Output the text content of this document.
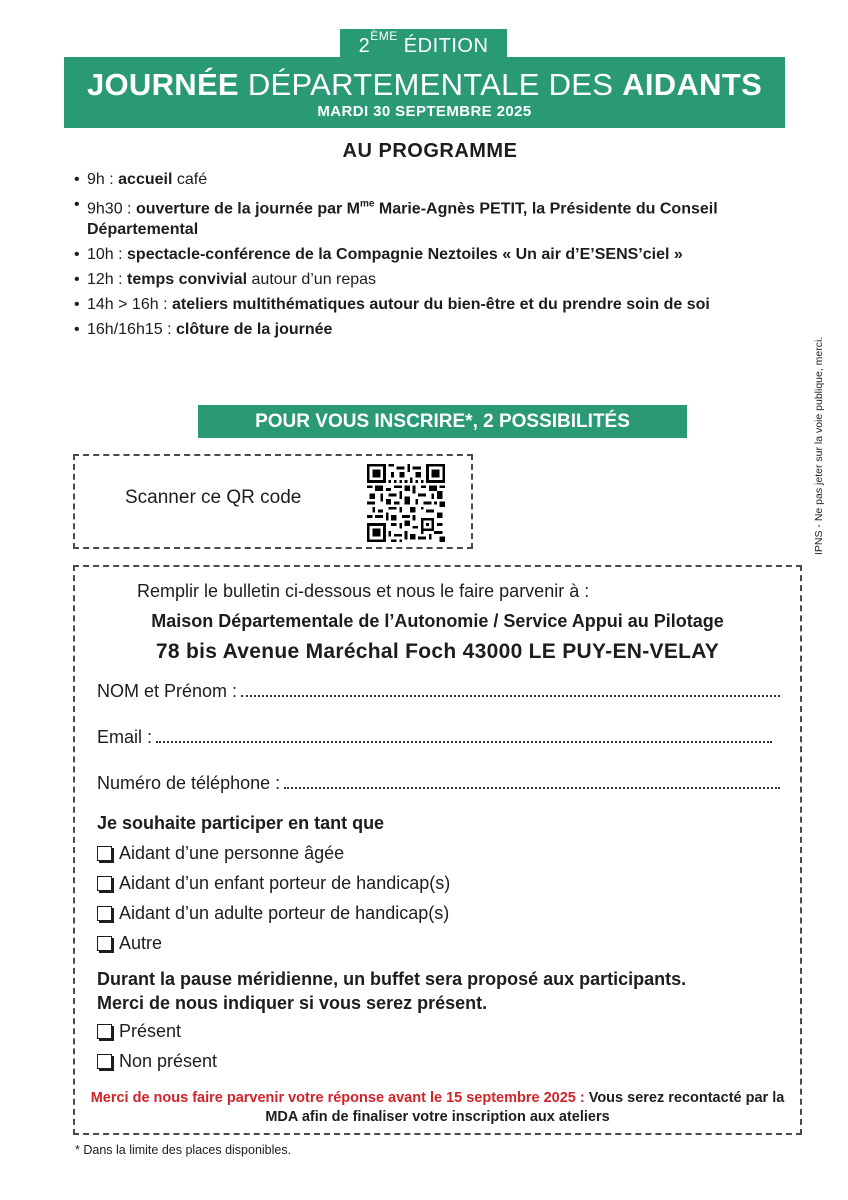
2ÈME ÉDITION
JOURNÉE DÉPARTEMENTALE DES AIDANTS
MARDI 30 SEPTEMBRE 2025
AU PROGRAMME
• 9h : accueil café
• 9h30 : ouverture de la journée par $M^{me}$ Marie-Agnès PETIT, la Présidente du Conseil Départemental
• 10h : spectacle-conférence de la Compagnie Neztoiles « Un air d’E’SENS’ciel »
• 12h : temps convivial autour d’un repas
• 14h > 16h : ateliers multithématiques autour du bien-être et du prendre soin de soi
• 16h/16h15 : clôture de la journée
POUR VOUS INSCRIRE*, 2 POSSIBILITÉS
Scanner ce QR code
Remplir le bulletin ci-dessous et nous le faire parvenir à :
Maison Départementale de l’Autonomie / Service Appui au Pilotage
78 bis Avenue Maréchal Foch 43000 LE PUY-EN-VELAY
NOM et Prénom :
Email :
Numéro de téléphone :
Je souhaite participer en tant que
Aidant d’une personne âgée
Aidant d’un enfant porteur de handicap(s)
Aidant d’un adulte porteur de handicap(s)
Autre
Durant la pause méridienne, un buffet sera proposé aux participants.
Merci de nous indiquer si vous serez présent.
Présent
Non présent
Merci de nous faire parvenir votre réponse avant le 15 septembre 2025 : Vous serez recontacté par la MDA afin de finaliser votre inscription aux ateliers
* Dans la limite des places disponibles.
IPNS - Ne pas jeter sur la voie publique, merci.
